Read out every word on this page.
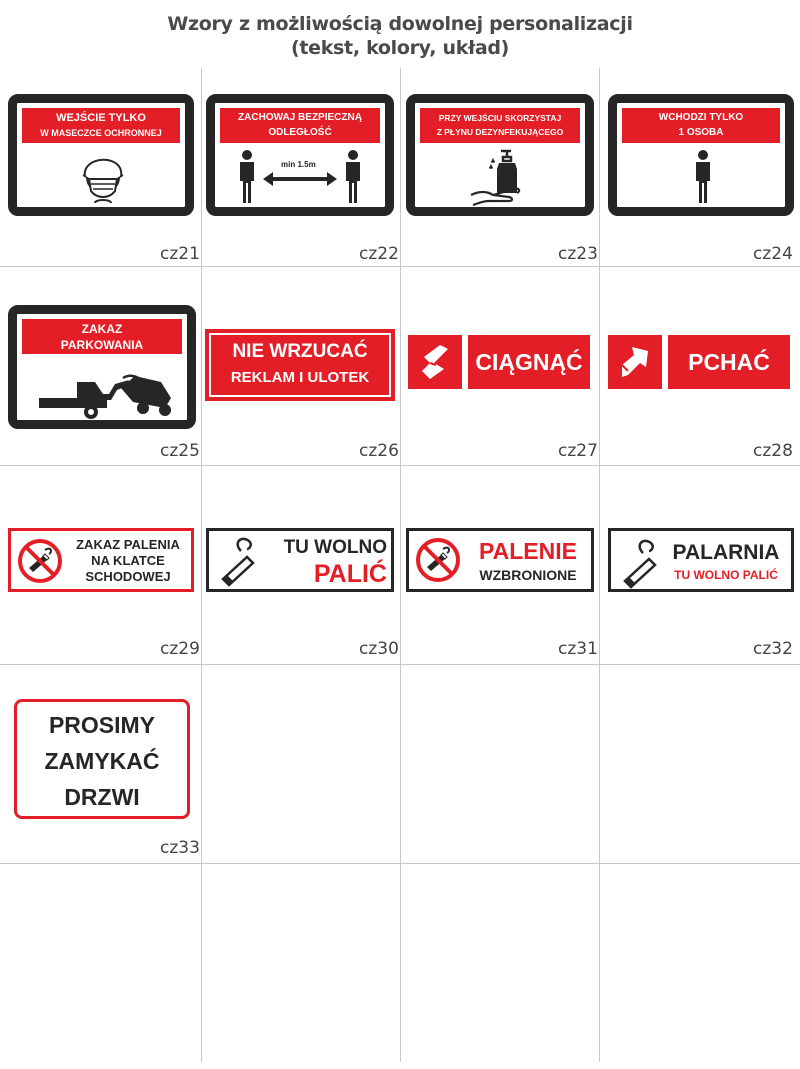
Wzory z możliwością dowolnej personalizacji
(tekst, kolory, układ)
WEJŚCIE TYLKO
W MASECZCE OCHRONNEJ
cz21
ZACHOWAJ BEZPIECZNĄ
ODLEGŁOŚĆ
min 1.5m
cz22
PRZY WEJŚCIU SKORZYSTAJ
Z PŁYNU DEZYNFEKUJĄCEGO
cz23
WCHODZI TYLKO
1 OSOBA
cz24
ZAKAZ
PARKOWANIA
cz25
NIE WRZUCAĆ
REKLAM I ULOTEK
cz26
CIĄGNĄĆ
cz27
PCHAĆ
cz28
ZAKAZ PALENIA
NA KLATCE
SCHODOWEJ
cz29
TU WOLNO
PALIĆ
cz30
PALENIE
WZBRONIONE
cz31
PALARNIA
TU WOLNO PALIĆ
cz32
PROSIMY
ZAMYKAĆ
DRZWI
cz33
